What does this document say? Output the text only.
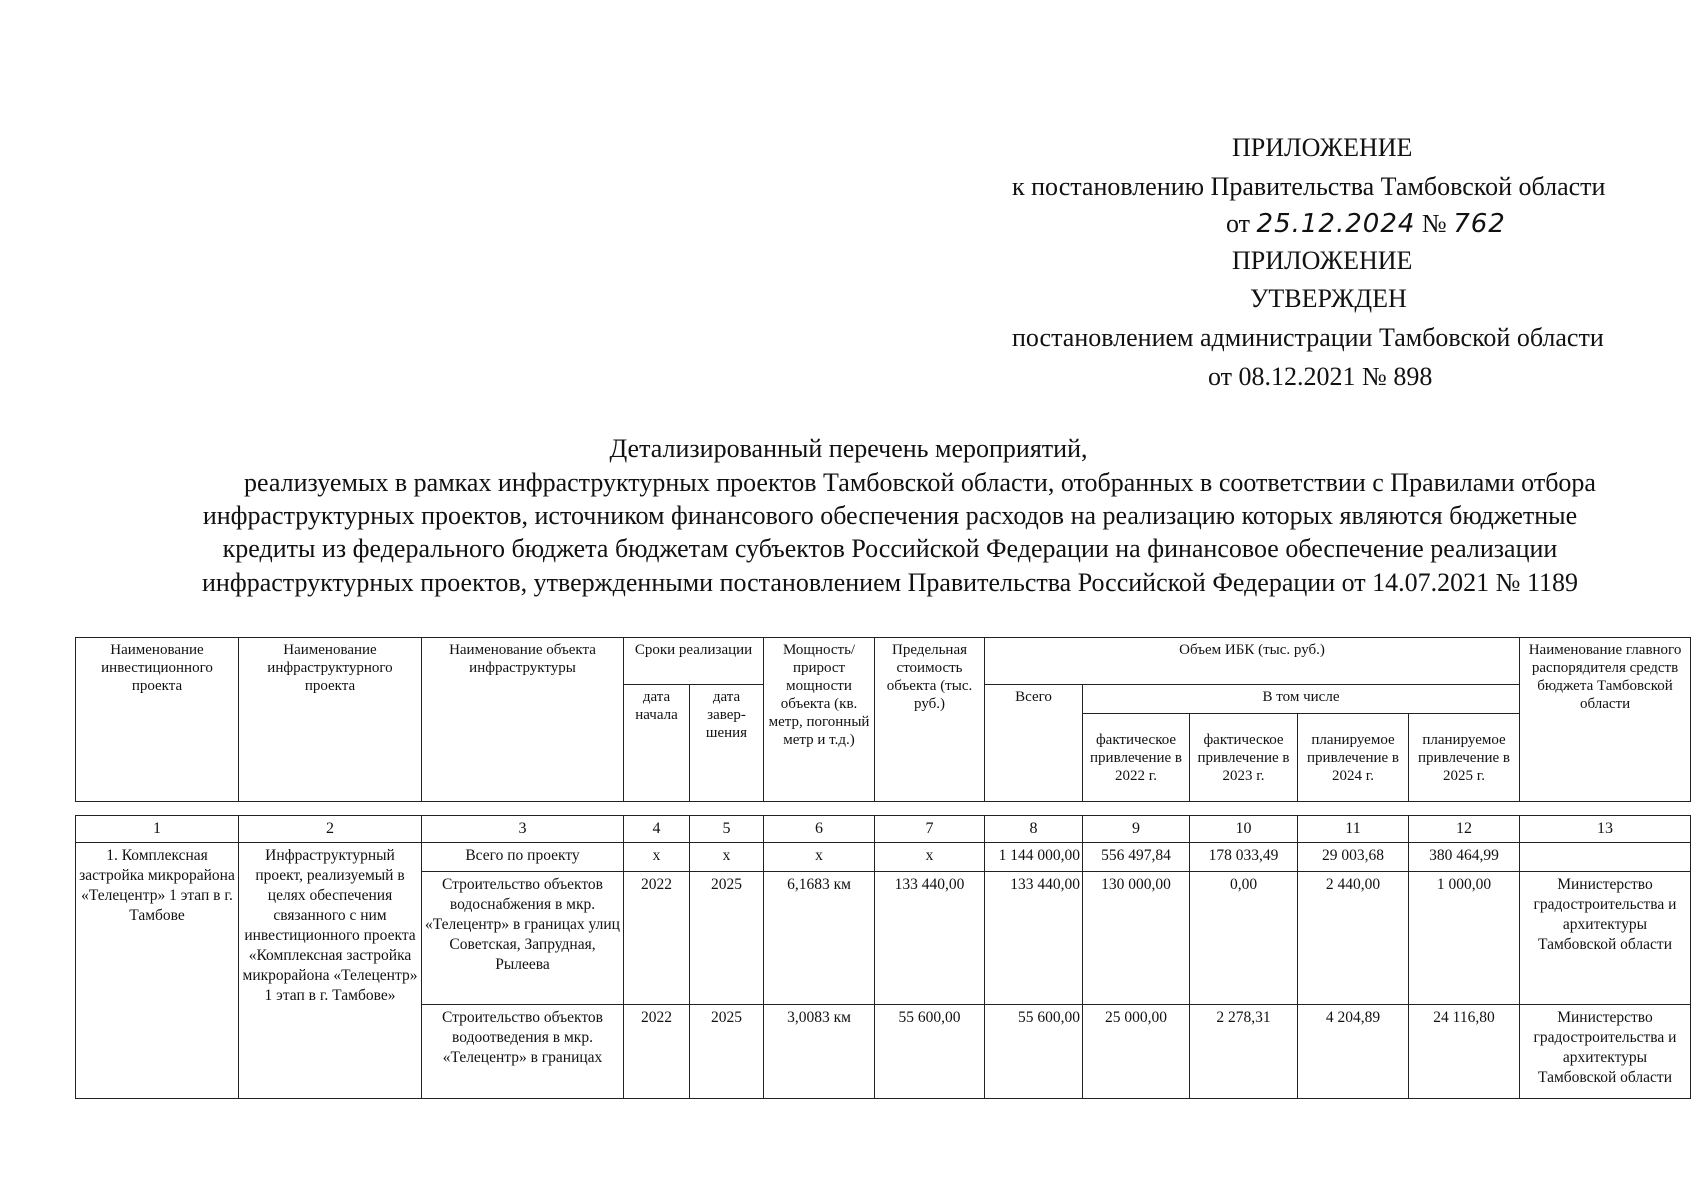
ПРИЛОЖЕНИЕ
к постановлению Правительства Тамбовской области
от 25.12.2024 № 762
ПРИЛОЖЕНИЕ
УТВЕРЖДЕН
постановлением администрации Тамбовской области
от 08.12.2021 № 898
Детализированный перечень мероприятий,
реализуемых в рамках инфраструктурных проектов Тамбовской области, отобранных в соответствии с Правилами отбора
инфраструктурных проектов, источником финансового обеспечения расходов на реализацию которых являются бюджетные
кредиты из федерального бюджета бюджетам субъектов Российской Федерации на финансовое обеспечение реализации
инфраструктурных проектов, утвержденными постановлением Правительства Российской Федерации от 14.07.2021 № 1189
Наименование инвестиционного проекта	Наименование инфраструктурного проекта	Наименование объекта инфраструктуры	Сроки реализации		Мощность/ прирост мощности объекта (кв. метр, погонный метр и т.д.)	Предельная стоимость объекта (тыс. руб.)	Объем ИБК (тыс. руб.)					Наименование главного распорядителя средств бюджета Тамбовской области
			дата начала	дата завер-шения			Всего	В том числе				
								фактическое привлечение в 2022 г.	фактическое привлечение в 2023 г.	планируемое привлечение в 2024 г.	планируемое привлечение в 2025 г.	
1	2	3	4	5	6	7	8	9	10	11	12	13
1. Комплексная застройка микрорайона «Телецентр» 1 этап в г. Тамбове	Инфраструктурный проект, реализуемый в целях обеспечения связанного с ним инвестиционного проекта «Комплексная застройка микрорайона «Телецентр» 1 этап в г. Тамбове»	Всего по проекту	х	х	х	х	1 144 000,00	556 497,84	178 033,49	29 003,68	380 464,99	
		Строительство объектов водоснабжения в мкр. «Телецентр» в границах улиц Советская, Запрудная, Рылеева	2022	2025	6,1683 км	133 440,00	133 440,00	130 000,00	0,00	2 440,00	1 000,00	Министерство градостроительства и архитектуры Тамбовской области
		Строительство объектов водоотведения в мкр. «Телецентр» в границах	2022	2025	3,0083 км	55 600,00	55 600,00	25 000,00	2 278,31	4 204,89	24 116,80	Министерство градостроительства и архитектуры Тамбовской области
